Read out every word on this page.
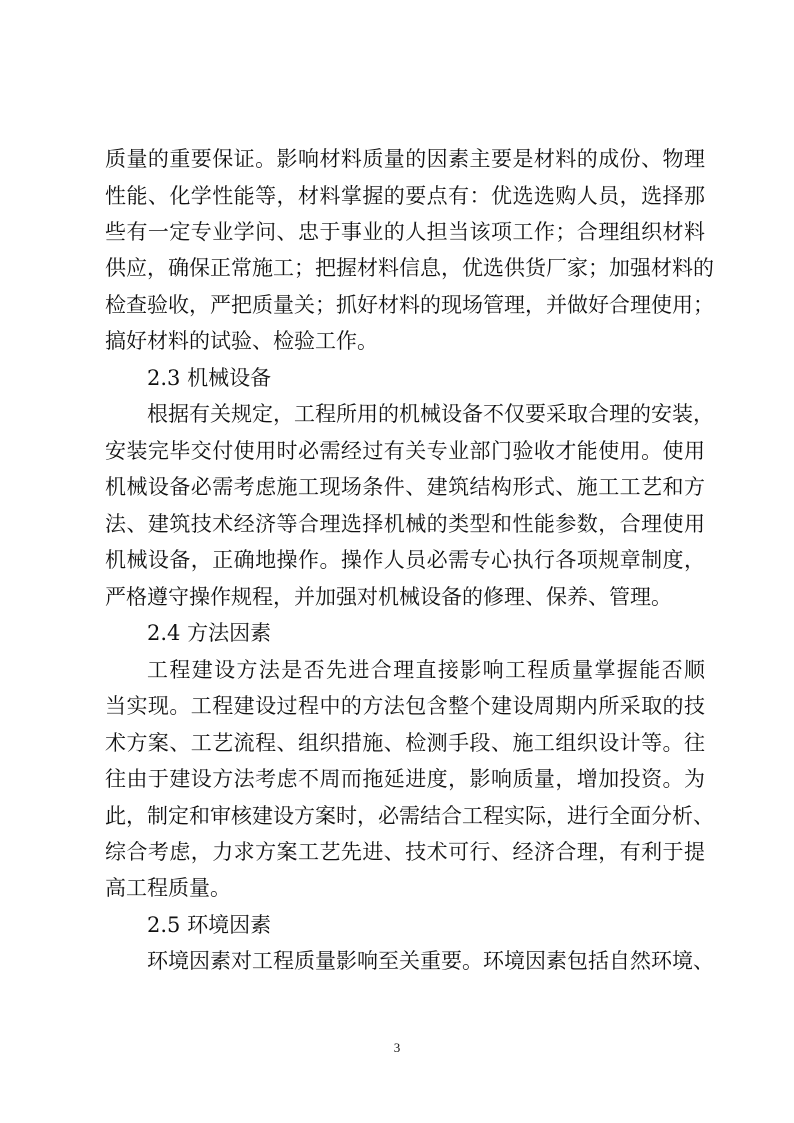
质量的重要保证。影响材料质量的因素主要是材料的成份、物理
性能、化学性能等，材料掌握的要点有：优选选购人员，选择那
些有一定专业学问、忠于事业的人担当该项工作；合理组织材料
供应，确保正常施工；把握材料信息，优选供货厂家；加强材料的
检查验收，严把质量关；抓好材料的现场管理，并做好合理使用；
搞好材料的试验、检验工作。
2.3 机械设备
根据有关规定，工程所用的机械设备不仅要采取合理的安装，
安装完毕交付使用时必需经过有关专业部门验收才能使用。使用
机械设备必需考虑施工现场条件、建筑结构形式、施工工艺和方
法、建筑技术经济等合理选择机械的类型和性能参数，合理使用
机械设备，正确地操作。操作人员必需专心执行各项规章制度，
严格遵守操作规程，并加强对机械设备的修理、保养、管理。
2.4 方法因素
工程建设方法是否先进合理直接影响工程质量掌握能否顺
当实现。工程建设过程中的方法包含整个建设周期内所采取的技
术方案、工艺流程、组织措施、检测手段、施工组织设计等。往
往由于建设方法考虑不周而拖延进度，影响质量，增加投资。为
此，制定和审核建设方案时，必需结合工程实际，进行全面分析、
综合考虑，力求方案工艺先进、技术可行、经济合理，有利于提
高工程质量。
2.5 环境因素
环境因素对工程质量影响至关重要。环境因素包括自然环境、
3
